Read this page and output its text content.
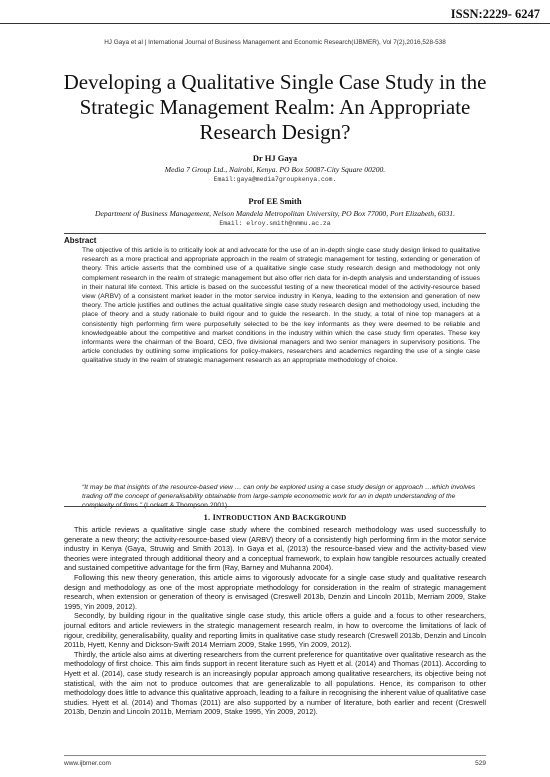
ISSN:2229- 6247
HJ Gaya et al | International Journal of Business Management and Economic Research(IJBMER), Vol 7(2),2016,528-538
Developing a Qualitative Single Case Study in the Strategic Management Realm: An Appropriate Research Design?
Dr HJ Gaya
Media 7 Group Ltd., Nairobi, Kenya. PO Box 50087-City Square 00200.
Email:gaya@media7groupkenya.com.
Prof EE Smith
Department of Business Management, Nelson Mandela Metropolitan University, PO Box 77000, Port Elizabeth, 6031.
Email: elroy.smith@nmmu.ac.za
Abstract
The objective of this article is to critically look at and advocate for the use of an in-depth single case study design linked to qualitative research as a more practical and appropriate approach in the realm of strategic management for testing, extending or generation of theory. This article asserts that the combined use of a qualitative single case study research design and methodology not only complement research in the realm of strategic management but also offer rich data for in-depth analysis and understanding of issues in their natural life context. This article is based on the successful testing of a new theoretical model of the activity-resource based view (ARBV) of a consistent market leader in the motor service industry in Kenya, leading to the extension and generation of new theory. The article justifies and outlines the actual qualitative single case study research design and methodology used, including the place of theory and a study rationale to build rigour and to guide the research. In the study, a total of nine top managers at a consistently high performing firm were purposefully selected to be the key informants as they were deemed to be reliable and knowledgeable about the competitive and market conditions in the industry within which the case study firm operates. These key informants were the chairman of the Board, CEO, five divisional managers and two senior managers in supervisory positions. The article concludes by outlining some implications for policy-makers, researchers and academics regarding the use of a single case qualitative study in the realm of strategic management research as an appropriate methodology of choice.
“It may be that insights of the resource-based view … can only be explored using a case study design or approach …which involves trading off the concept of generalisability obtainable from large-sample econometric work for an in depth understanding of the
1. INTRODUCTION AND BACKGROUND

This article reviews a qualitative single case study where the combined research methodology was used successfully to generate a new theory; the activity-resource-based view (ARBV) theory of a consistently high performing firm in the motor service industry in Kenya (Gaya, Struwig and Smith 2013). In Gaya et al, (2013) the resource-based view and the activity-based view theories were integrated through additional theory and a conceptual framework, to explain how tangible resources actually created and sustained competitive advantage for the firm (Ray, Barney and Muhanna 2004).

Following this new theory generation, this article aims to vigorously advocate for a single case study and qualitative research design and methodology as one of the most appropriate methodology for consideration in the realm of strategic management research, when extension or generation of theory is envisaged (Creswell 2013b, Denzin and Lincoln 2011b, Merriam 2009, Stake 1995, Yin 2009, 2012).

Secondly, by building rigour in the qualitative single case study, this article offers a guide and a focus to other researchers, journal editors and article reviewers in the strategic management research realm, in how to overcome the limitations of lack of rigour, credibility, generalisability, quality and reporting limits in qualitative case study research (Creswell 2013b, Denzin and Lincoln 2011b, Hyett, Kenny and Dickson-Swift 2014 Merriam 2009, Stake 1995, Yin 2009, 2012).

Thirdly, the article also aims at diverting researchers from the current preference for quantitative over qualitative research as the methodology of first choice. This aim finds support in recent literature such as Hyett et al. (2014) and Thomas (2011). According to Hyett et al. (2014), case study research is an increasingly popular approach among qualitative researchers, its objective being not statistical, with the aim not to produce outcomes that are generalizable to all populations. Hence, its comparison to other methodology does little to advance this qualitative approach, leading to a failure in recognising the inherent value of qualitative case studies. Hyett et al. (2014) and Thomas (2011) are also supported by a number of literature, both earlier and recent (Creswell 2013b, Denzin and Lincoln 2011b, Merriam 2009, Stake 1995, Yin 2009, 2012).

www.ijbmer.com	529
